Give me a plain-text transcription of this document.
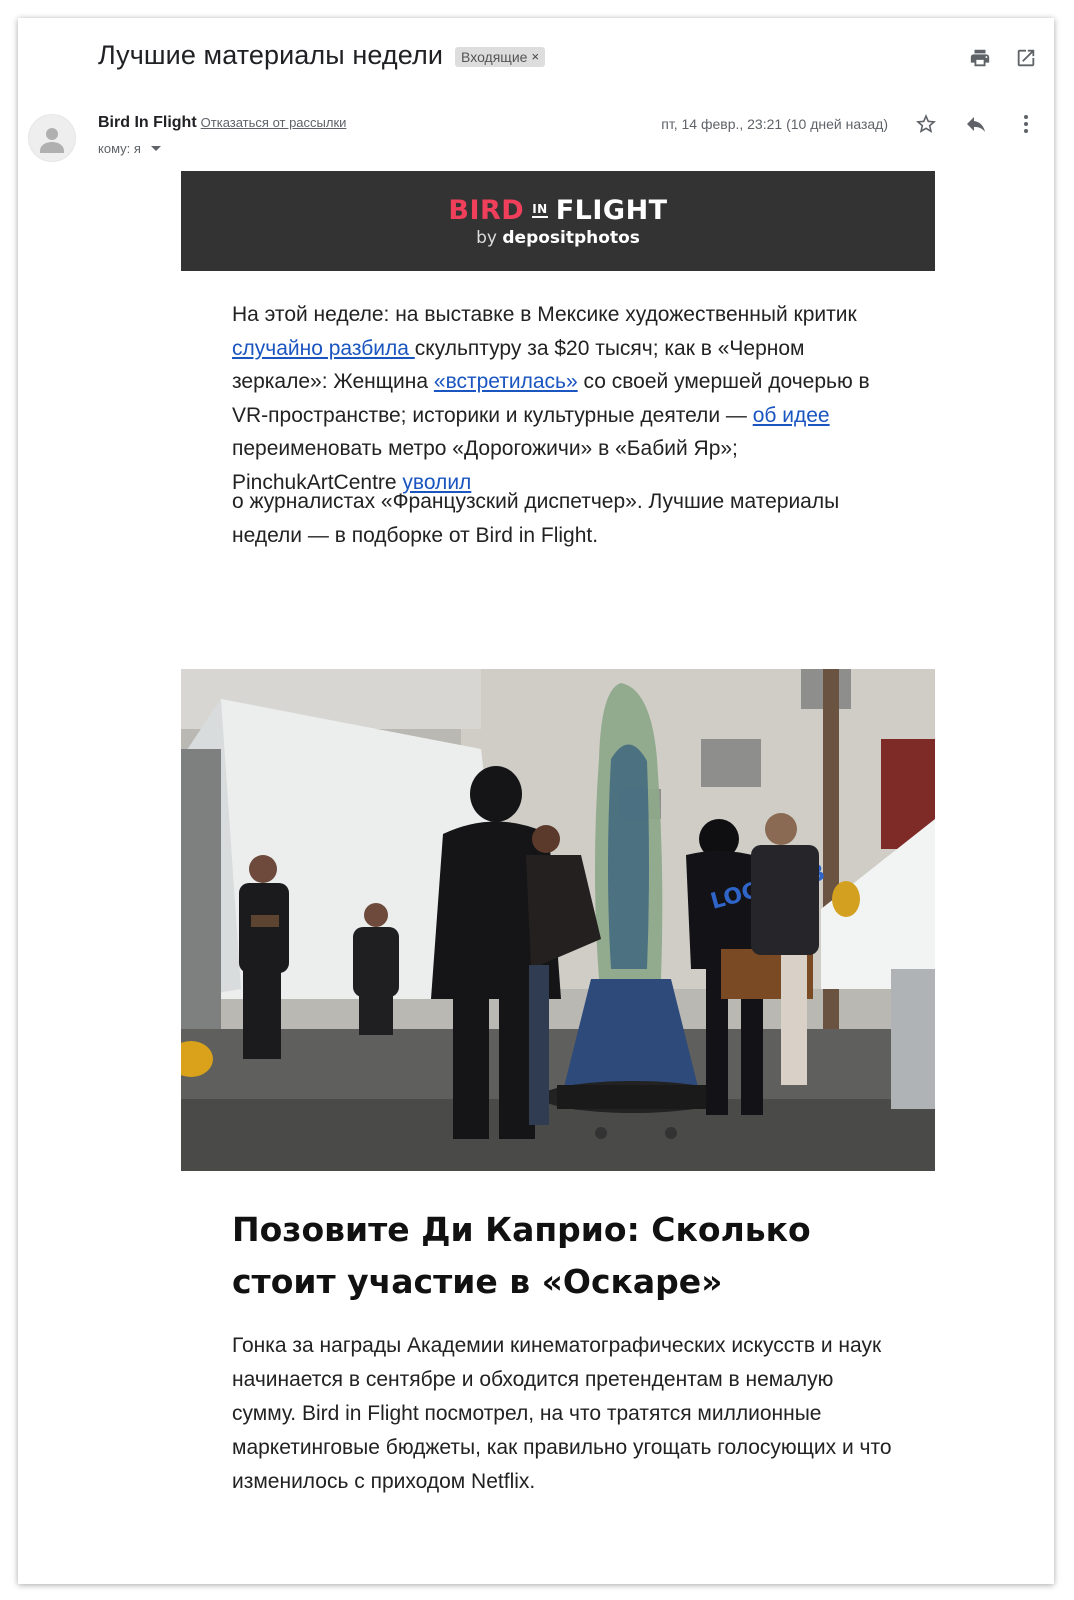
Лучшие материалы недели Входящие ×
Bird In Flight Отказаться от рассылки
кому: я
пт, 14 февр., 23:21 (10 дней назад)
BIRD IN FLIGHT
by depositphotos
На этой неделе: на выставке в Мексике художественный критик случайно разбила скульптуру за $20 тысяч; как в «Черном зеркале»: Женщина «встретилась» со своей умершей дочерью в VR-пространстве; историки и культурные деятели — об идее переименовать метро «Дорогожичи» в «Бабий Яр»; PinchukArtCentre уволил
о журналистах «Французский диспетчер». Лучшие материалы недели — в подборке от Bird in Flight.
LOCAL
Позовите Ди Каприо: Сколько стоит участие в «Оскаре»
Гонка за награды Академии кинематографических искусств и наук начинается в сентябре и обходится претендентам в немалую сумму. Bird in Flight посмотрел, на что тратятся миллионные маркетинговые бюджеты, как правильно угощать голосующих и что изменилось с приходом Netflix.
